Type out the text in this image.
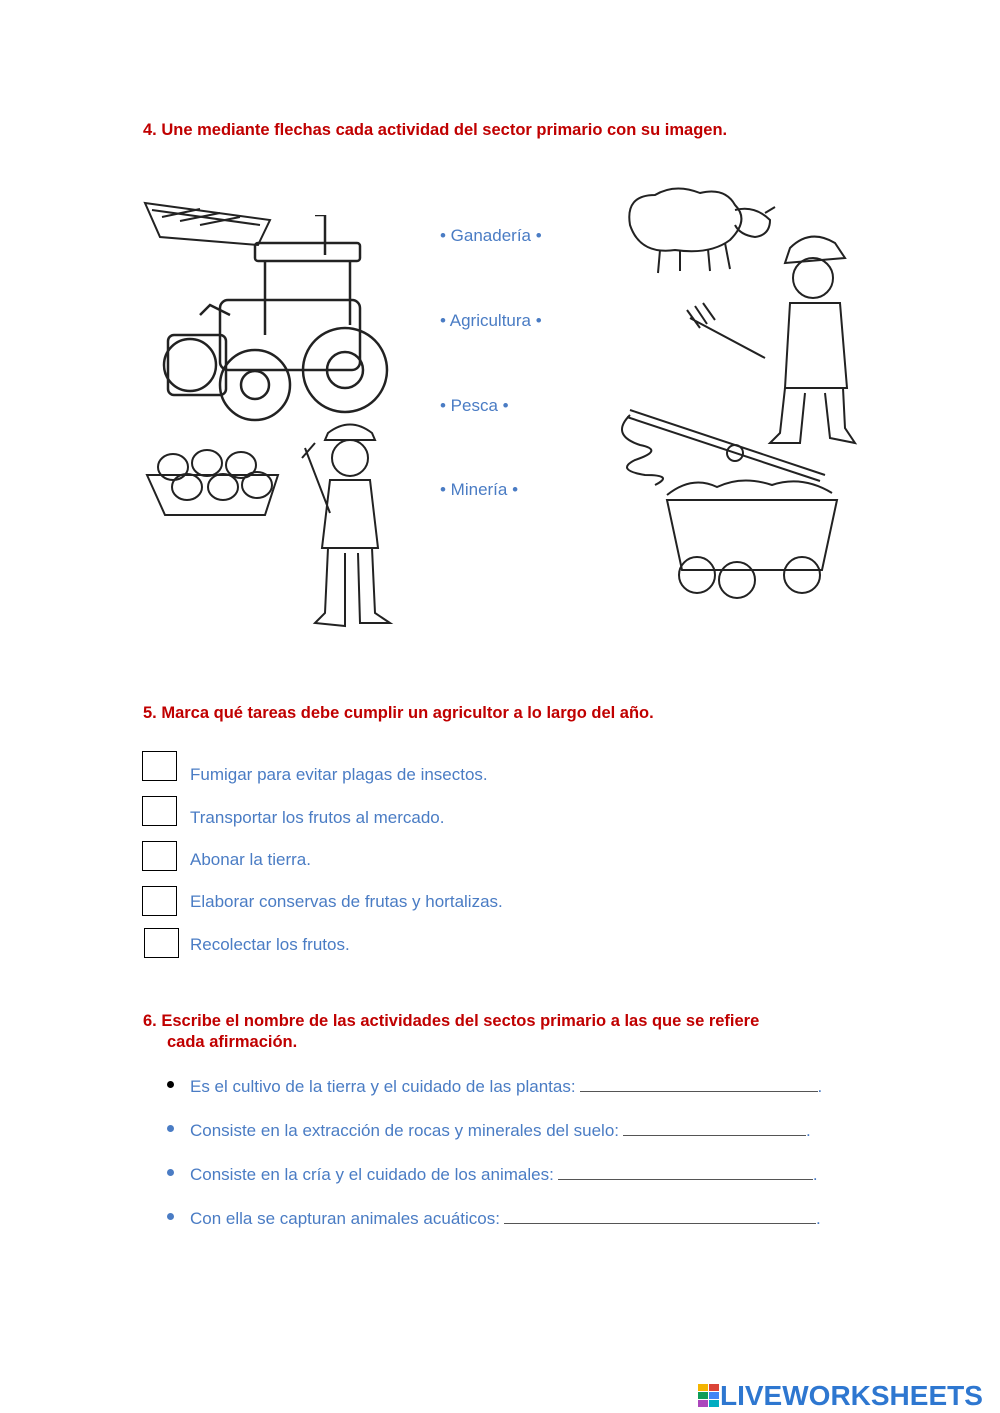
4. Une mediante flechas cada actividad del sector primario con su imagen.
• Ganadería •
• Agricultura •
• Pesca •
• Minería •
5. Marca qué tareas debe cumplir un agricultor a lo largo del año.
Fumigar para evitar plagas de insectos.
Transportar los frutos al mercado.
Abonar la tierra.
Elaborar conservas de frutas y hortalizas.
Recolectar los frutos.
6. Escribe el nombre de las actividades del sectos primario a las que se refiere
cada afirmación.
Es el cultivo de la tierra y el cuidado de las plantas:	.
Consiste en la extracción de rocas y minerales del suelo:	.
Consiste en la cría y el cuidado de los animales:	.
Con ella se capturan animales acuáticos:	.
LIVEWORKSHEETS
